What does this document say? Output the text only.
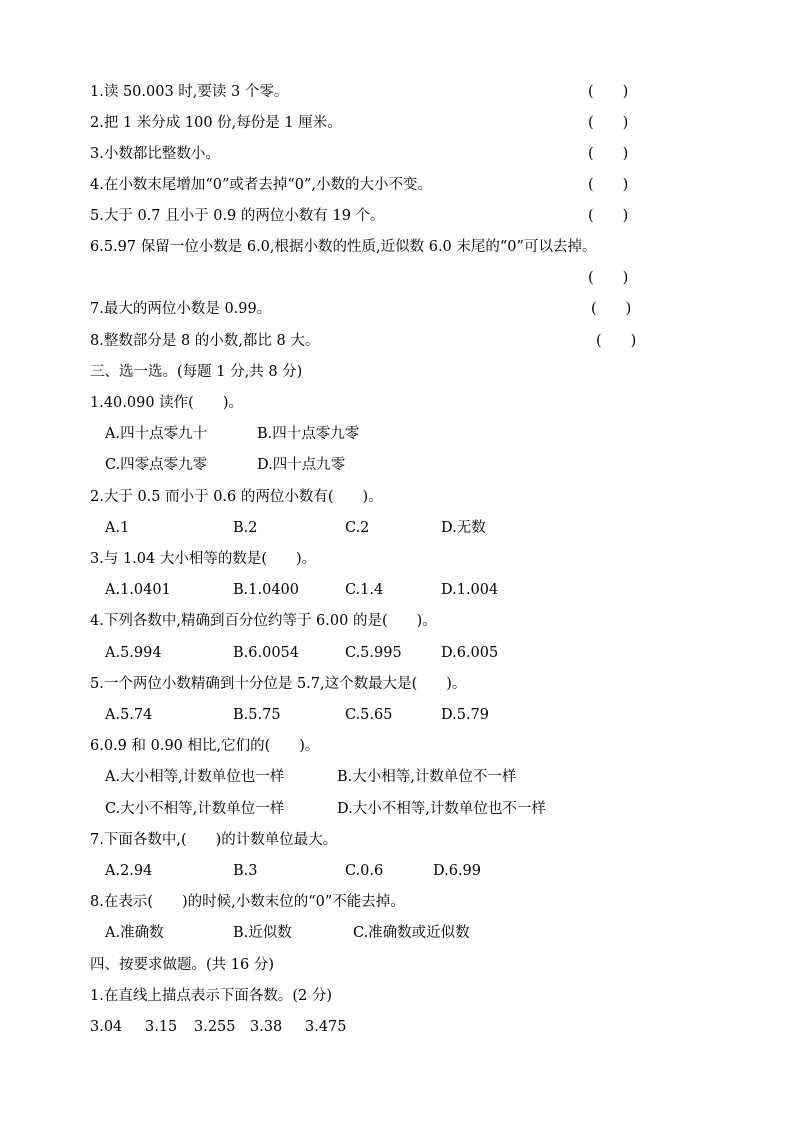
1.读 50.003 时,要读 3 个零。	(　　)
2.把 1 米分成 100 份,每份是 1 厘米。	(　　)
3.小数都比整数小。	(　　)
4.在小数末尾增加“0”或者去掉“0”,小数的大小不变。	(　　)
5.大于 0.7 且小于 0.9 的两位小数有 19 个。	(　　)
6.5.97 保留一位小数是 6.0,根据小数的性质,近似数 6.0 末尾的“0”可以去掉。
(　　)
7.最大的两位小数是 0.99。	(　　)
8.整数部分是 8 的小数,都比 8 大。	(　　)
三、选一选。(每题 1 分,共 8 分)
1.40.090 读作(　　)。
A.四十点零九十	B.四十点零九零
C.四零点零九零	D.四十点九零
2.大于 0.5 而小于 0.6 的两位小数有(　　)。
A.1	B.2	C.2	D.无数
3.与 1.04 大小相等的数是(　　)。
A.1.0401	B.1.0400	C.1.4	D.1.004
4.下列各数中,精确到百分位约等于 6.00 的是(　　)。
A.5.994	B.6.0054	C.5.995	D.6.005
5.一个两位小数精确到十分位是 5.7,这个数最大是(　　)。
A.5.74	B.5.75	C.5.65	D.5.79
6.0.9 和 0.90 相比,它们的(　　)。
A.大小相等,计数单位也一样	B.大小相等,计数单位不一样
C.大小不相等,计数单位一样	D.大小不相等,计数单位也不一样
7.下面各数中,(　　)的计数单位最大。
A.2.94	B.3	C.0.6	D.6.99
8.在表示(　　)的时候,小数末位的“0”不能去掉。
A.准确数	B.近似数	C.准确数或近似数
四、按要求做题。(共 16 分)
1.在直线上描点表示下面各数。(2 分)
3.04 3.15 3.255 3.38 3.475
